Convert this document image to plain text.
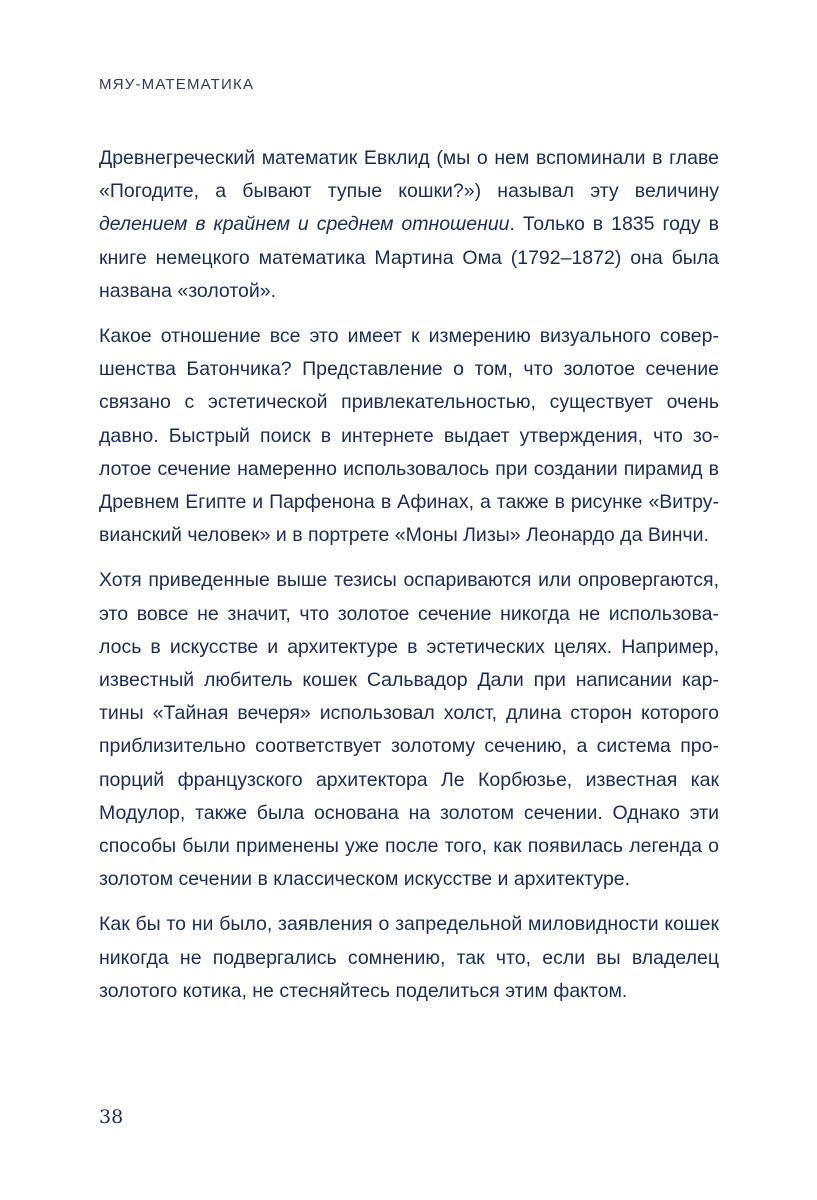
МЯУ-МАТЕМАТИКА

Древнегреческий математик Евклид (мы о нем вспоминали в главе «Погодите, а бывают тупые кошки?») называл эту величину делением в крайнем и среднем отношении. Только в 1835 году в книге немецкого математика Мартина Ома (1792–1872) она была названа «золотой».

Какое отношение все это имеет к измерению визуального совершенства Батончика? Представление о том, что золотое сечение связано с эстетической привлекательностью, существует очень давно. Быстрый поиск в интернете выдает утверждения, что золотое сечение намеренно использовалось при создании пирамид в Древнем Египте и Парфенона в Афинах, а также в рисунке «Витрувианский человек» и в портрете «Моны Лизы» Леонардо да Винчи.

Хотя приведенные выше тезисы оспариваются или опровергаются, это вовсе не значит, что золотое сечение никогда не использовалось в искусстве и архитектуре в эстетических целях. Например, известный любитель кошек Сальвадор Дали при написании картины «Тайная вечеря» использовал холст, длина сторон которого приблизительно соответствует золотому сечению, а система пропорций французского архитектора Ле Корбюзье, известная как Модулор, также была основана на золотом сечении. Однако эти способы были применены уже после того, как появилась легенда о золотом сечении в классическом искусстве и архитектуре.

Как бы то ни было, заявления о запредельной миловидности кошек никогда не подвергались сомнению, так что, если вы владелец золотого котика, не стесняйтесь поделиться этим фактом.

38
